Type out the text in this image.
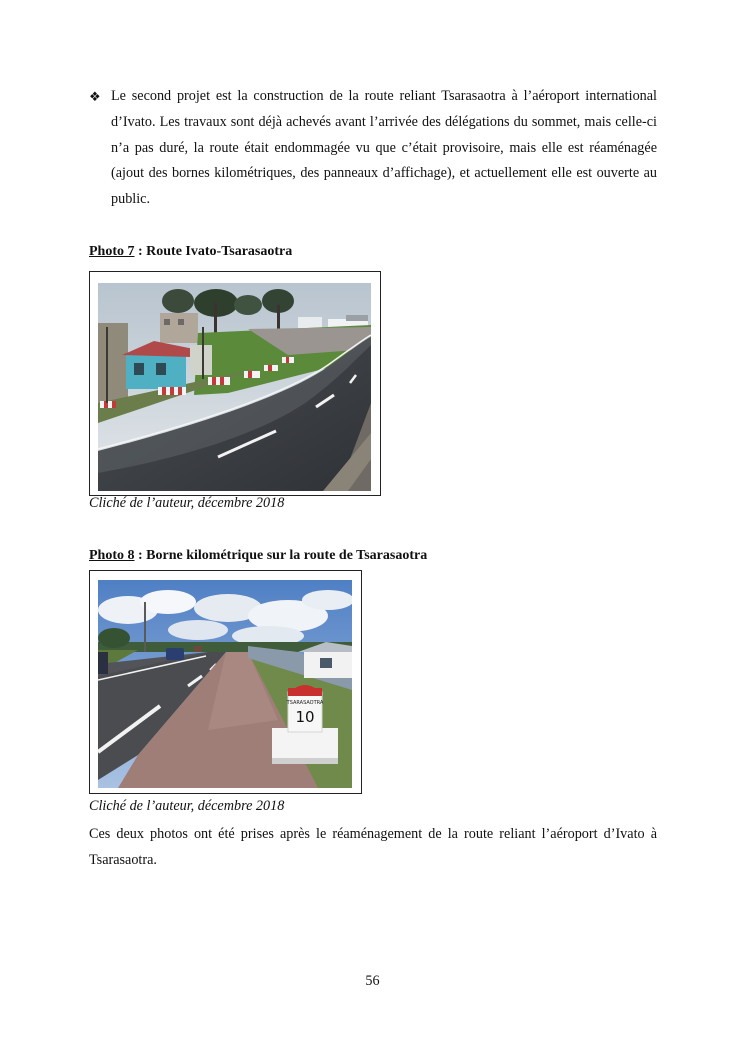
❖ Le second projet est la construction de la route reliant Tsarasaotra à l’aéroport international d’Ivato. Les travaux sont déjà achevés avant l’arrivée des délégations du sommet, mais celle-ci n’a pas duré, la route était endommagée vu que c’était provisoire, mais elle est réaménagée (ajout des bornes kilométriques, des panneaux d’affichage), et actuellement elle est ouverte au public.
Photo 7 : Route Ivato-Tsarasaotra
Cliché de l’auteur, décembre 2018
Photo 8 : Borne kilométrique sur la route de Tsarasaotra
TSARASAOTRA
10
Cliché de l’auteur, décembre 2018

Ces deux photos ont été prises après le réaménagement de la route reliant l’aéroport d’Ivato à Tsarasaotra.

56
